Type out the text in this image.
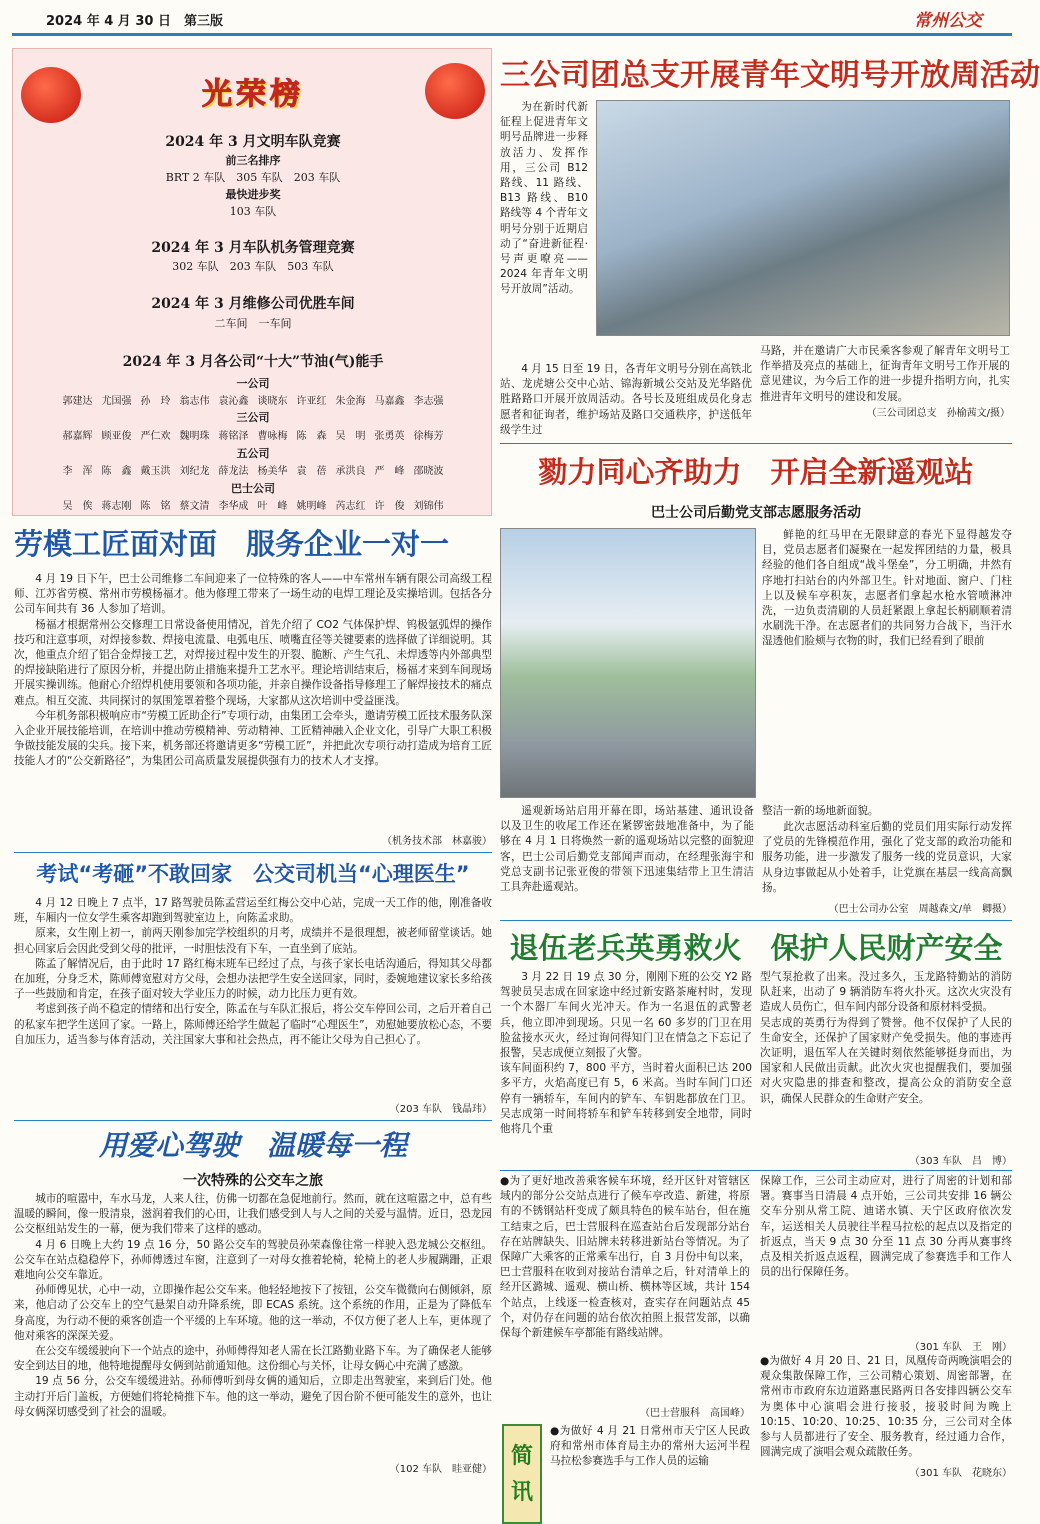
2024 年 4 月 30 日　第三版	常州公交
光荣榜
2024 年 3 月文明车队竞赛
前三名排序
BRT 2 车队　305 车队　203 车队
最快进步奖
103 车队
2024 年 3 月车队机务管理竞赛
302 车队　203 车队　503 车队
2024 年 3 月维修公司优胜车间
二车间　一车间
2024 年 3 月各公司“十大”节油(气)能手
一公司
郭建达 尤国强 孙　玲 翁志伟 袁沁鑫 谈晓东 许亚红 朱金海 马嘉鑫 李志强
三公司
郝嘉辉 顾亚俊 严仁欢 魏明珠 蒋铭泽 曹咏梅 陈　森 吴　明 张勇英 徐梅芳
五公司
李　浑 陈　鑫 戴玉洪 刘纪龙 薛龙法 杨美华 袁　蓓 承洪良 严　峰 邵晓波
巴士公司
吴　俟 蒋志刚 陈　铭 蔡文清 李华成 叶　峰 姚明峰 芮志红 许　俊 刘锦伟
三公司团总支开展青年文明号开放周活动

为在新时代新征程上促进青年文明号品牌进一步释放活力、发挥作用，三公司 B12 路线、11 路线、B13 路线、B10 路线等 4 个青年文明号分别于近期启动了“奋进新征程·号声更嘹亮——2024 年青年文明号开放周”活动。

4 月 15 日至 19 日，各青年文明号分别在高铁北站、龙虎塘公交中心站、锦海新城公交站及光华路优胜路路口开展开放周活动。各号长及班组成员化身志愿者和征询者，维护场站及路口交通秩序，护送低年级学生过

马路，并在邀请广大市民乘客参观了解青年文明号工作举措及亮点的基础上，征询青年文明号工作开展的意见建议，为今后工作的进一步提升指明方向，扎实推进青年文明号的建设和发展。

（三公司团总支　孙榆茜文/摄）
勠力同心齐助力　开启全新遥观站
巴士公司后勤党支部志愿服务活动

鲜艳的红马甲在无限肆意的春光下显得越发夺目，党员志愿者们凝聚在一起发挥团结的力量，极具经验的他们各自组成“战斗堡垒”，分工明确，井然有序地打扫站台的内外部卫生。针对地面、窗户、门柱上以及候车亭积灰，志愿者们拿起水枪水管喷淋冲洗，一边负责清刷的人员赶紧跟上拿起长柄刷顺着清水刷洗干净。在志愿者们的共同努力合战下，当汗水湿透他们脸颊与衣物的时，我们已经看到了眼前

遥观新场站启用开幕在即，场站基建、通讯设备以及卫生的收尾工作还在紧锣密鼓地准备中，为了能够在 4 月 1 日将焕然一新的遥观场站以完整的面貌迎客，巴士公司后勤党支部闻声而动，在经理张海宇和党总支副书记张亚俊的带领下迅速集结带上卫生清洁工具奔赴遥观站。

整洁一新的场地新面貌。

此次志愿活动科室后勤的党员们用实际行动发挥了党员的先锋模范作用，强化了党支部的政治功能和服务功能，进一步激发了服务一线的党员意识，大家从身边事做起从小处着手，让党旗在基层一线高高飘扬。

（巴士公司办公室　周越森文/单　卿摄）
劳模工匠面对面　服务企业一对一

4 月 19 日下午，巴士公司维修二车间迎来了一位特殊的客人——中车常州车辆有限公司高级工程师、江苏省劳模、常州市劳模杨福才。他为修理工带来了一场生动的电焊工理论及实操培训。包括各分公司车间共有 36 人参加了培训。

杨福才根据常州公交修理工日常设备使用情况，首先介绍了 CO2 气体保护焊、钨极氩弧焊的操作技巧和注意事项，对焊接参数、焊接电流量、电弧电压、喷嘴直径等关键要素的选择做了详细说明。其次，他重点介绍了铝合金焊接工艺，对焊接过程中发生的开裂、脆断、产生气孔、未焊透等内外部典型的焊接缺陷进行了原因分析，并提出防止措施来提升工艺水平。理论培训结束后，杨福才来到车间现场开展实操训练。他耐心介绍焊机使用要领和各项功能，并亲自操作设备指导修理工了解焊接技术的痛点难点。相互交流、共同探讨的氛围笼罩着整个现场，大家都从这次培训中受益匪浅。

今年机务部积极响应市“劳模工匠助企行”专项行动，由集团工会牵头，邀请劳模工匠技术服务队深入企业开展技能培训，在培训中推动劳模精神、劳动精神、工匠精神融入企业文化，引导广大职工积极争做技能发展的尖兵。接下来，机务部还将邀请更多“劳模工匠”，并把此次专项行动打造成为培育工匠技能人才的“公交新路径”，为集团公司高质量发展提供强有力的技术人才支撑。

（机务技术部　林嘉骏）
考试“考砸”不敢回家　公交司机当“心理医生”

4 月 12 日晚上 7 点半，17 路驾驶员陈孟营运至红梅公交中心站，完成一天工作的他，刚准备收班，车厢内一位女学生乘客却跑到驾驶室边上，向陈孟求助。

原来，女生刚上初一，前两天刚参加完学校组织的月考，成绩并不是很理想，被老师留堂谈话。她担心回家后会因此受到父母的批评，一时胆怯没有下车，一直坐到了底站。

陈孟了解情况后，由于此时 17 路红梅末班车已经过了点，与孩子家长电话沟通后，得知其父母都在加班，分身乏术，陈师傅宽慰对方父母，会想办法把学生安全送回家，同时，委婉地建议家长多给孩子一些鼓励和肯定，在孩子面对较大学业压力的时候，动力比压力更有效。

考虑到孩子尚不稳定的情绪和出行安全，陈孟在与车队汇报后，将公交车停回公司，之后开着自己的私家车把学生送回了家。一路上，陈师傅还给学生做起了临时“心理医生”，劝慰她要放松心态，不要自加压力，适当参与体育活动，关注国家大事和社会热点，再不能让父母为自己担心了。

（203 车队　钱晶玮）
退伍老兵英勇救火　保护人民财产安全
3 月 22 日 19 点 30 分，刚刚下班的公交 Y2 路驾驶员吴志成在回家途中经过新安路茶庵村时，发现一个木器厂车间火光冲天。作为一名退伍的武警老兵，他立即冲到现场。只见一名 60 多岁的门卫在用脸盆接水灭火，经过询问得知门卫在情急之下忘记了报警，吴志成便立刻报了火警。
该车间面积约 7，800 平方，当时着火面积已达 200 多平方，火焰高度已有 5，6 米高。当时车间门口还停有一辆轿车，车间内的铲车、车钥匙都放在门卫。吴志成第一时间将轿车和铲车转移到安全地带，同时他将几个重
型气泵抢救了出来。没过多久，玉龙路特勤站的消防队赶来，出动了 9 辆消防车将火扑灭。这次火灾没有造成人员伤亡，但车间内部分设备和原材料受损。
吴志成的英勇行为得到了赞誉。他不仅保护了人民的生命安全，还保护了国家财产免受损失。他的事迹再次证明，退伍军人在关键时刻依然能够挺身而出，为国家和人民做出贡献。此次火灾也提醒我们，要加强对火灾隐患的排查和整改，提高公众的消防安全意识，确保人民群众的生命财产安全。
（303 车队　吕　博）
用爱心驾驶　温暖每一程
一次特殊的公交车之旅

城市的喧嚣中，车水马龙，人来人往，仿佛一切都在急促地前行。然而，就在这喧嚣之中，总有些温暖的瞬间，像一股清泉，滋润着我们的心田，让我们感受到人与人之间的关爱与温情。近日，恐龙园公交枢纽站发生的一幕，便为我们带来了这样的感动。

4 月 6 日晚上大约 19 点 16 分，50 路公交车的驾驶员孙荣森像往常一样驶入恐龙城公交枢纽。公交车在站点稳稳停下，孙师傅透过车窗，注意到了一对母女推着轮椅，轮椅上的老人步履蹒跚，正艰难地向公交车靠近。

孙师傅见状，心中一动，立即操作起公交车来。他轻轻地按下了按钮，公交车微微向右侧倾斜，原来，他启动了公交车上的空气悬架自动升降系统，即 ECAS 系统。这个系统的作用，正是为了降低车身高度，为行动不便的乘客创造一个平缓的上车环境。他的这一举动，不仅方便了老人上车，更体现了他对乘客的深深关爱。

在公交车缓缓驶向下一个站点的途中，孙师傅得知老人需在长江路勤业路下车。为了确保老人能够安全到达目的地，他特地提醒母女俩到站前通知他。这份细心与关怀，让母女俩心中充满了感激。

19 点 56 分，公交车缓缓进站。孙师傅听到母女俩的通知后，立即走出驾驶室，来到后门处。他主动打开后门盖板，方便她们将轮椅推下车。他的这一举动，避免了因台阶不便可能发生的意外，也让母女俩深切感受到了社会的温暖。

（102 车队　眭亚健）
●为了更好地改善乘客候车环境，经开区针对管辖区域内的部分公交站点进行了候车亭改造、新建，将原有的不锈钢站杆变成了颇具特色的候车站台，但在施工结束之后，巴士营服科在巡查站台后发现部分站台存在站牌缺失、旧站牌未转移进新站台等情况。为了保障广大乘客的正常乘车出行，自 3 月份中旬以来，巴士营服科在收到对接站台清单之后，针对清单上的经开区潞城、遥观、横山桥、横林等区域，共计 154 个站点，上线逐一检查核对，查实存在问题站点 45 个，对仍存在问题的站台依次拍照上报营发部，以确保每个新建候车亭都能有路线站牌。
（巴士营服科　高国峰）
简
讯
●为做好 4 月 21 日常州市天宁区人民政府和常州市体育局主办的常州大运河半程马拉松参赛选手与工作人员的运输
保障工作，三公司主动应对，进行了周密的计划和部署。赛事当日清晨 4 点开始，三公司共安排 16 辆公交车分别从常工院、迪诺水镇、天宁区政府依次发车，运送相关人员驶往半程马拉松的起点以及指定的折返点，当天 9 点 30 分至 11 点 30 分再从赛事终点及相关折返点返程，圆满完成了参赛选手和工作人员的出行保障任务。
（301 车队　王　刚）
●为做好 4 月 20 日、21 日，凤凰传奇两晚演唱会的观众集散保障工作，三公司精心策划、周密部署，在常州市市政府东边道路惠民路两日各安排四辆公交车为奥体中心演唱会进行接驳，接驳时间为晚上 10:15、10:20、10:25、10:35 分，三公司对全体参与人员都进行了安全、服务教育，经过通力合作，圆满完成了演唱会观众疏散任务。
（301 车队　花晓东）
